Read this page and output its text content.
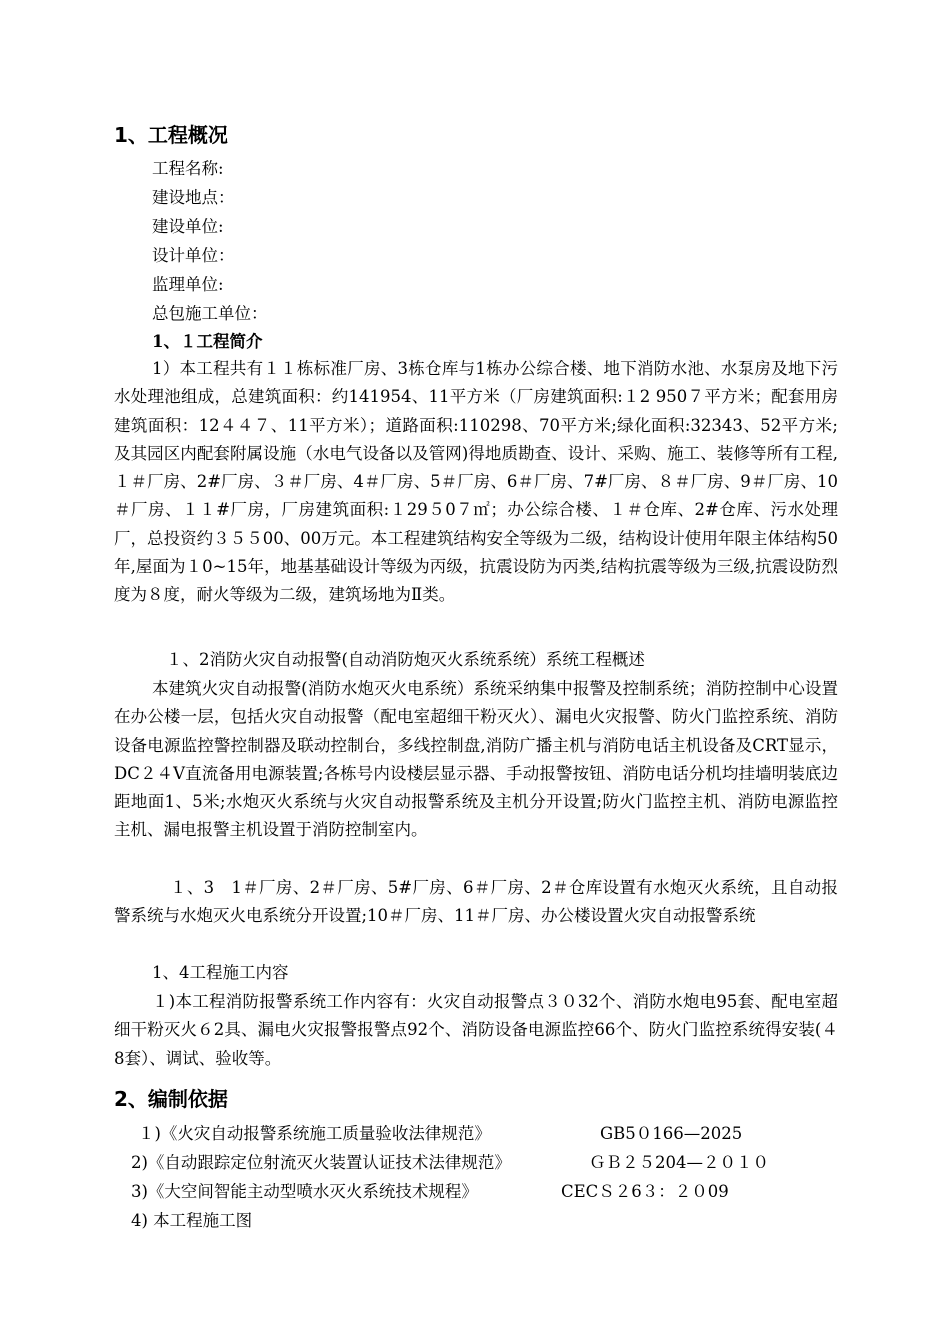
1、工程概况
工程名称:
建设地点：
建设单位:
设计单位：
监理单位:
总包施工单位：
1、１工程简介
1）本工程共有１１栋标准厂房、3栋仓库与1栋办公综合楼、地下消防水池、水泵房及地下污水处理池组成，总建筑面积：约141954、11平方米（厂房建筑面积:１2 950７平方米；配套用房建筑面积：12４４７、11平方米）；道路面积:110298、70平方米;绿化面积:32343、52平方米;及其园区内配套附属设施（水电气设备以及管网)得地质勘查、设计、采购、施工、装修等所有工程,１＃厂房、2#厂房、３＃厂房、4＃厂房、5＃厂房、6＃厂房、7#厂房、８＃厂房、9＃厂房、10＃厂房、１１#厂房，厂房建筑面积:１29５0７㎡；办公综合楼、１＃仓库、2#仓库、污水处理厂，总投资约３５５00、00万元。本工程建筑结构安全等级为二级，结构设计使用年限主体结构50年,屋面为１0~15年，地基基础设计等级为丙级，抗震设防为丙类,结构抗震等级为三级,抗震设防烈度为８度，耐火等级为二级，建筑场地为Ⅱ类。
１、2消防火灾自动报警(自动消防炮灭火系统系统）系统工程概述
本建筑火灾自动报警(消防水炮灭火电系统）系统采纳集中报警及控制系统；消防控制中心设置在办公楼一层，包括火灾自动报警（配电室超细干粉灭火）、漏电火灾报警、防火门监控系统、消防设备电源监控警控制器及联动控制台，多线控制盘,消防广播主机与消防电话主机设备及CRT显示，DC２４V直流备用电源装置;各栋号内设楼层显示器、手动报警按钮、消防电话分机均挂墙明装底边距地面1、5米;水炮灭火系统与火灾自动报警系统及主机分开设置;防火门监控主机、消防电源监控主机、漏电报警主机设置于消防控制室内。
１、3　1＃厂房、2＃厂房、5#厂房、6＃厂房、2＃仓库设置有水炮灭火系统，且自动报警系统与水炮灭火电系统分开设置;10＃厂房、11＃厂房、办公楼设置火灾自动报警系统
1、4工程施工内容
１)本工程消防报警系统工作内容有：火灾自动报警点３０32个、消防水炮电95套、配电室超细干粉灭火６2具、漏电火灾报警报警点92个、消防设备电源监控66个、防火门监控系统得安装(４8套）、调试、验收等。
2、编制依据
１)《火灾自动报警系统施工质量验收法律规范》	GB5０166—2025
2)《自动跟踪定位射流灭火装置认证技术法律规范》	ＧＢ２５204—２０１０
3)《大空间智能主动型喷水灭火系统技术规程》	CECＳ２6３：２０09
4) 本工程施工图
